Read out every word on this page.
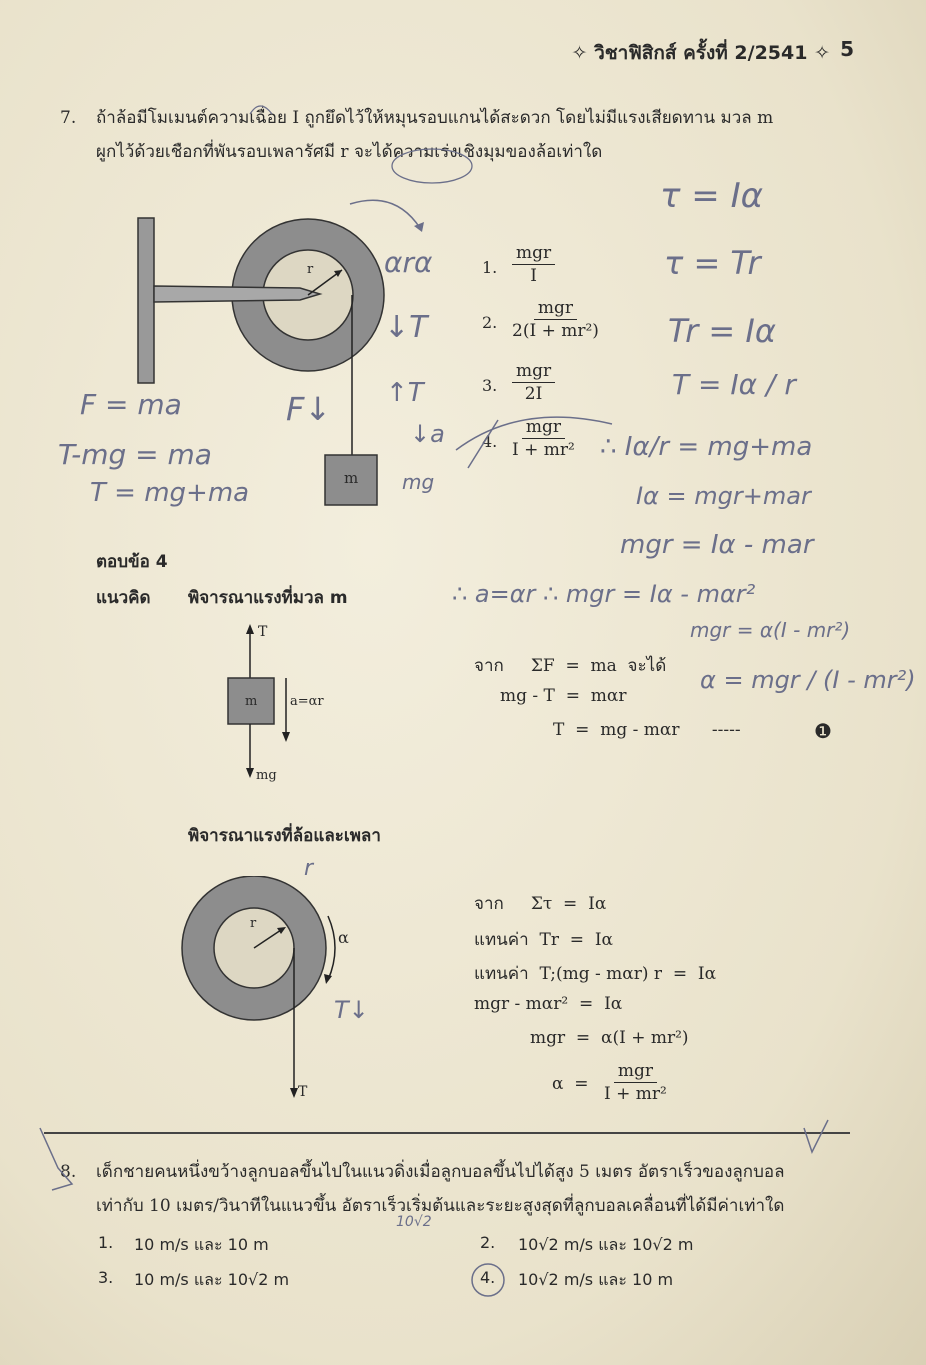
✧ วิชาฟิสิกส์ ครั้งที่ 2/2541 ✧ 5
7. ถ้าล้อมีโมเมนต์ความเฉื่อย I ถูกยึดไว้ให้หมุนรอบแกนได้สะดวก โดยไม่มีแรงเสียดทาน มวล m
ผูกไว้ด้วยเชือกที่พันรอบเพลารัศมี r จะได้ความเร่งเชิงมุมของล้อเท่าใด
r
m
1.
mgr
I
2.
mgr
2(I + mr²)
3.
mgr
2I
4.
mgr
I + mr²
ตอบข้อ 4
แนวคิด พิจารณาแรงที่มวล m
T
m	a=αr
mg
จาก     ΣF  =  ma  จะได้
mg - T  =  mαr
T  =  mg - mαr      -----	❶
พิจารณาแรงที่ล้อและเพลา
r
α
T
จาก     Στ  =  Iα
แทนค่า  Tr  =  Iα
แทนค่า  T;(mg - mαr) r  =  Iα
mgr - mαr²  =  Iα
mgr  =  α(I + mr²)
α  =
mgr
I + mr²
8. เด็กชายคนหนึ่งขว้างลูกบอลขึ้นไปในแนวดิ่งเมื่อลูกบอลขึ้นไปได้สูง 5 เมตร อัตราเร็วของลูกบอล
เท่ากับ 10 เมตร/วินาทีในแนวขึ้น อัตราเร็วเริ่มต้นและระยะสูงสุดที่ลูกบอลเคลื่อนที่ได้มีค่าเท่าใด
1. 10 m/s และ 10 m	2. 10√2 m/s และ 10√2 m
3. 10 m/s และ 10√2 m	4. 10√2 m/s และ 10 m
τ = Iα
τ = Tr
Tr = Iα
T = Iα / r
F = ma
T-mg = ma
T = mg+ma
∴ Iα/r = mg+ma
Iα = mgr+mar
mgr = Iα - mar
∴ a=αr ∴ mgr = Iα - mαr²
mgr = α(I - mr²)
α = mgr / (I - mr²)
F↓
↓T
↑T
↓a
mg
αrα
r
T↓
10√2
